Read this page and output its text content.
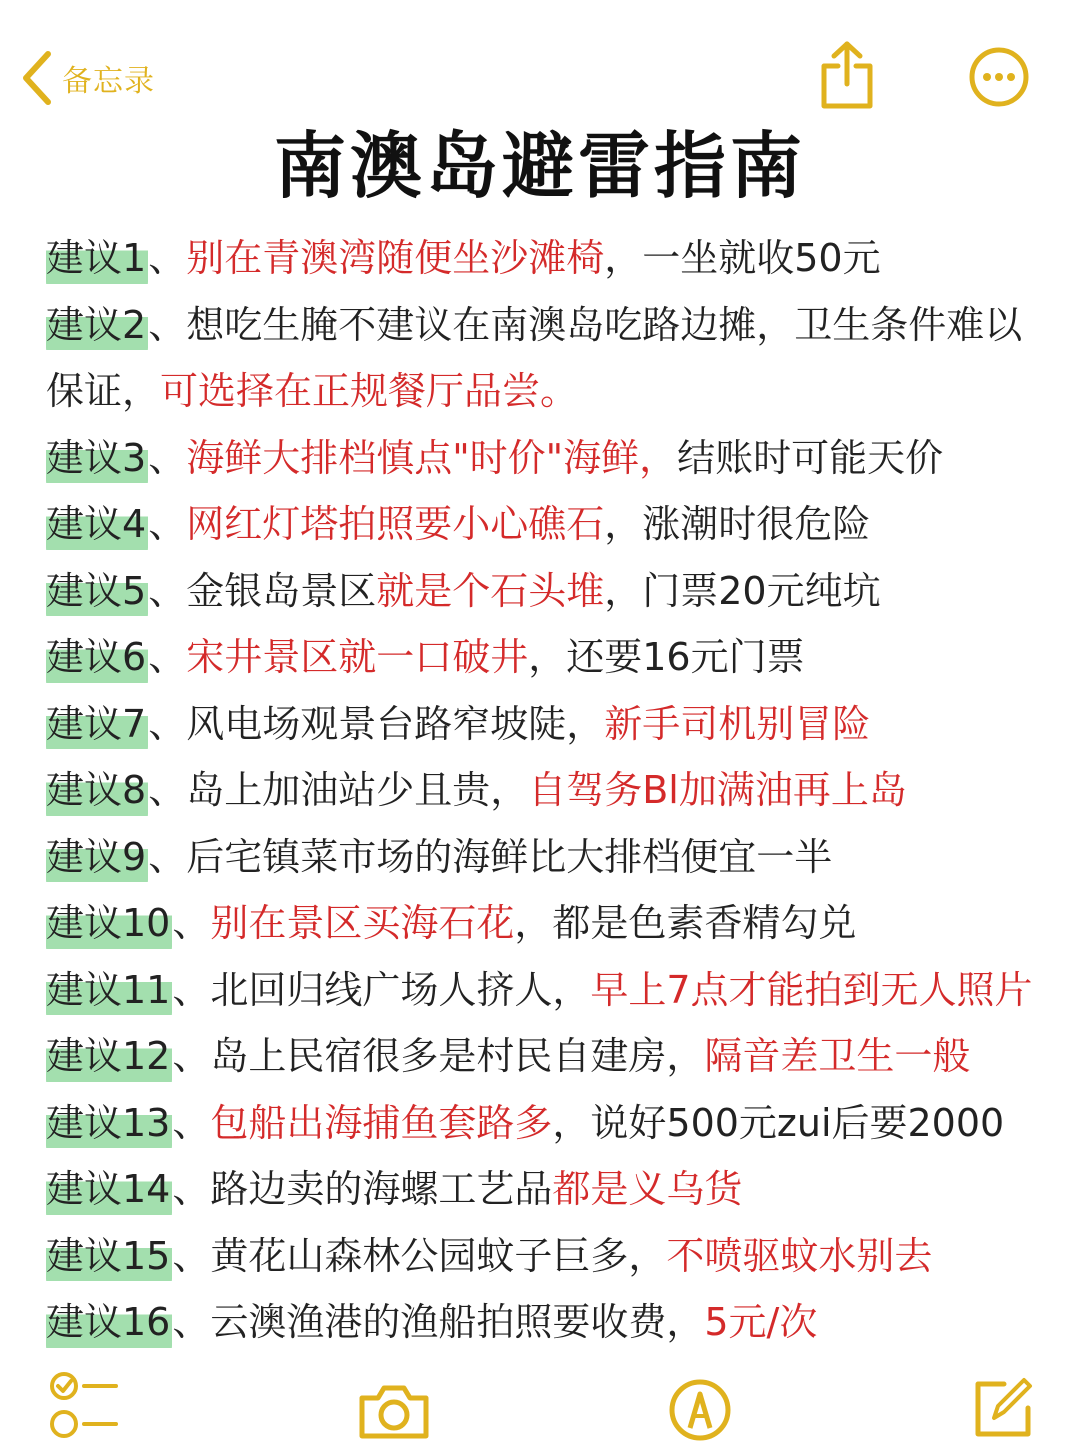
备忘录
南澳岛避雷指南
建议1、别在青澳湾随便坐沙滩椅，一坐就收50元
建议2、想吃生腌不建议在南澳岛吃路边摊，卫生条件难以
保证，可选择在正规餐厅品尝。
建议3、海鲜大排档慎点"时价"海鲜，结账时可能天价
建议4、网红灯塔拍照要小心礁石，涨潮时很危险
建议5、金银岛景区就是个石头堆，门票20元纯坑
建议6、宋井景区就一口破井，还要16元门票
建议7、风电场观景台路窄坡陡，新手司机别冒险
建议8、岛上加油站少且贵，自驾务Bl加满油再上岛
建议9、后宅镇菜市场的海鲜比大排档便宜一半
建议10、别在景区买海石花，都是色素香精勾兑
建议11、北回归线广场人挤人，早上7点才能拍到无人照片
建议12、岛上民宿很多是村民自建房，隔音差卫生一般
建议13、包船出海捕鱼套路多，说好500元zui后要2000
建议14、路边卖的海螺工艺品都是义乌货
建议15、黄花山森林公园蚊子巨多，不喷驱蚊水别去
建议16、云澳渔港的渔船拍照要收费，5元/次
